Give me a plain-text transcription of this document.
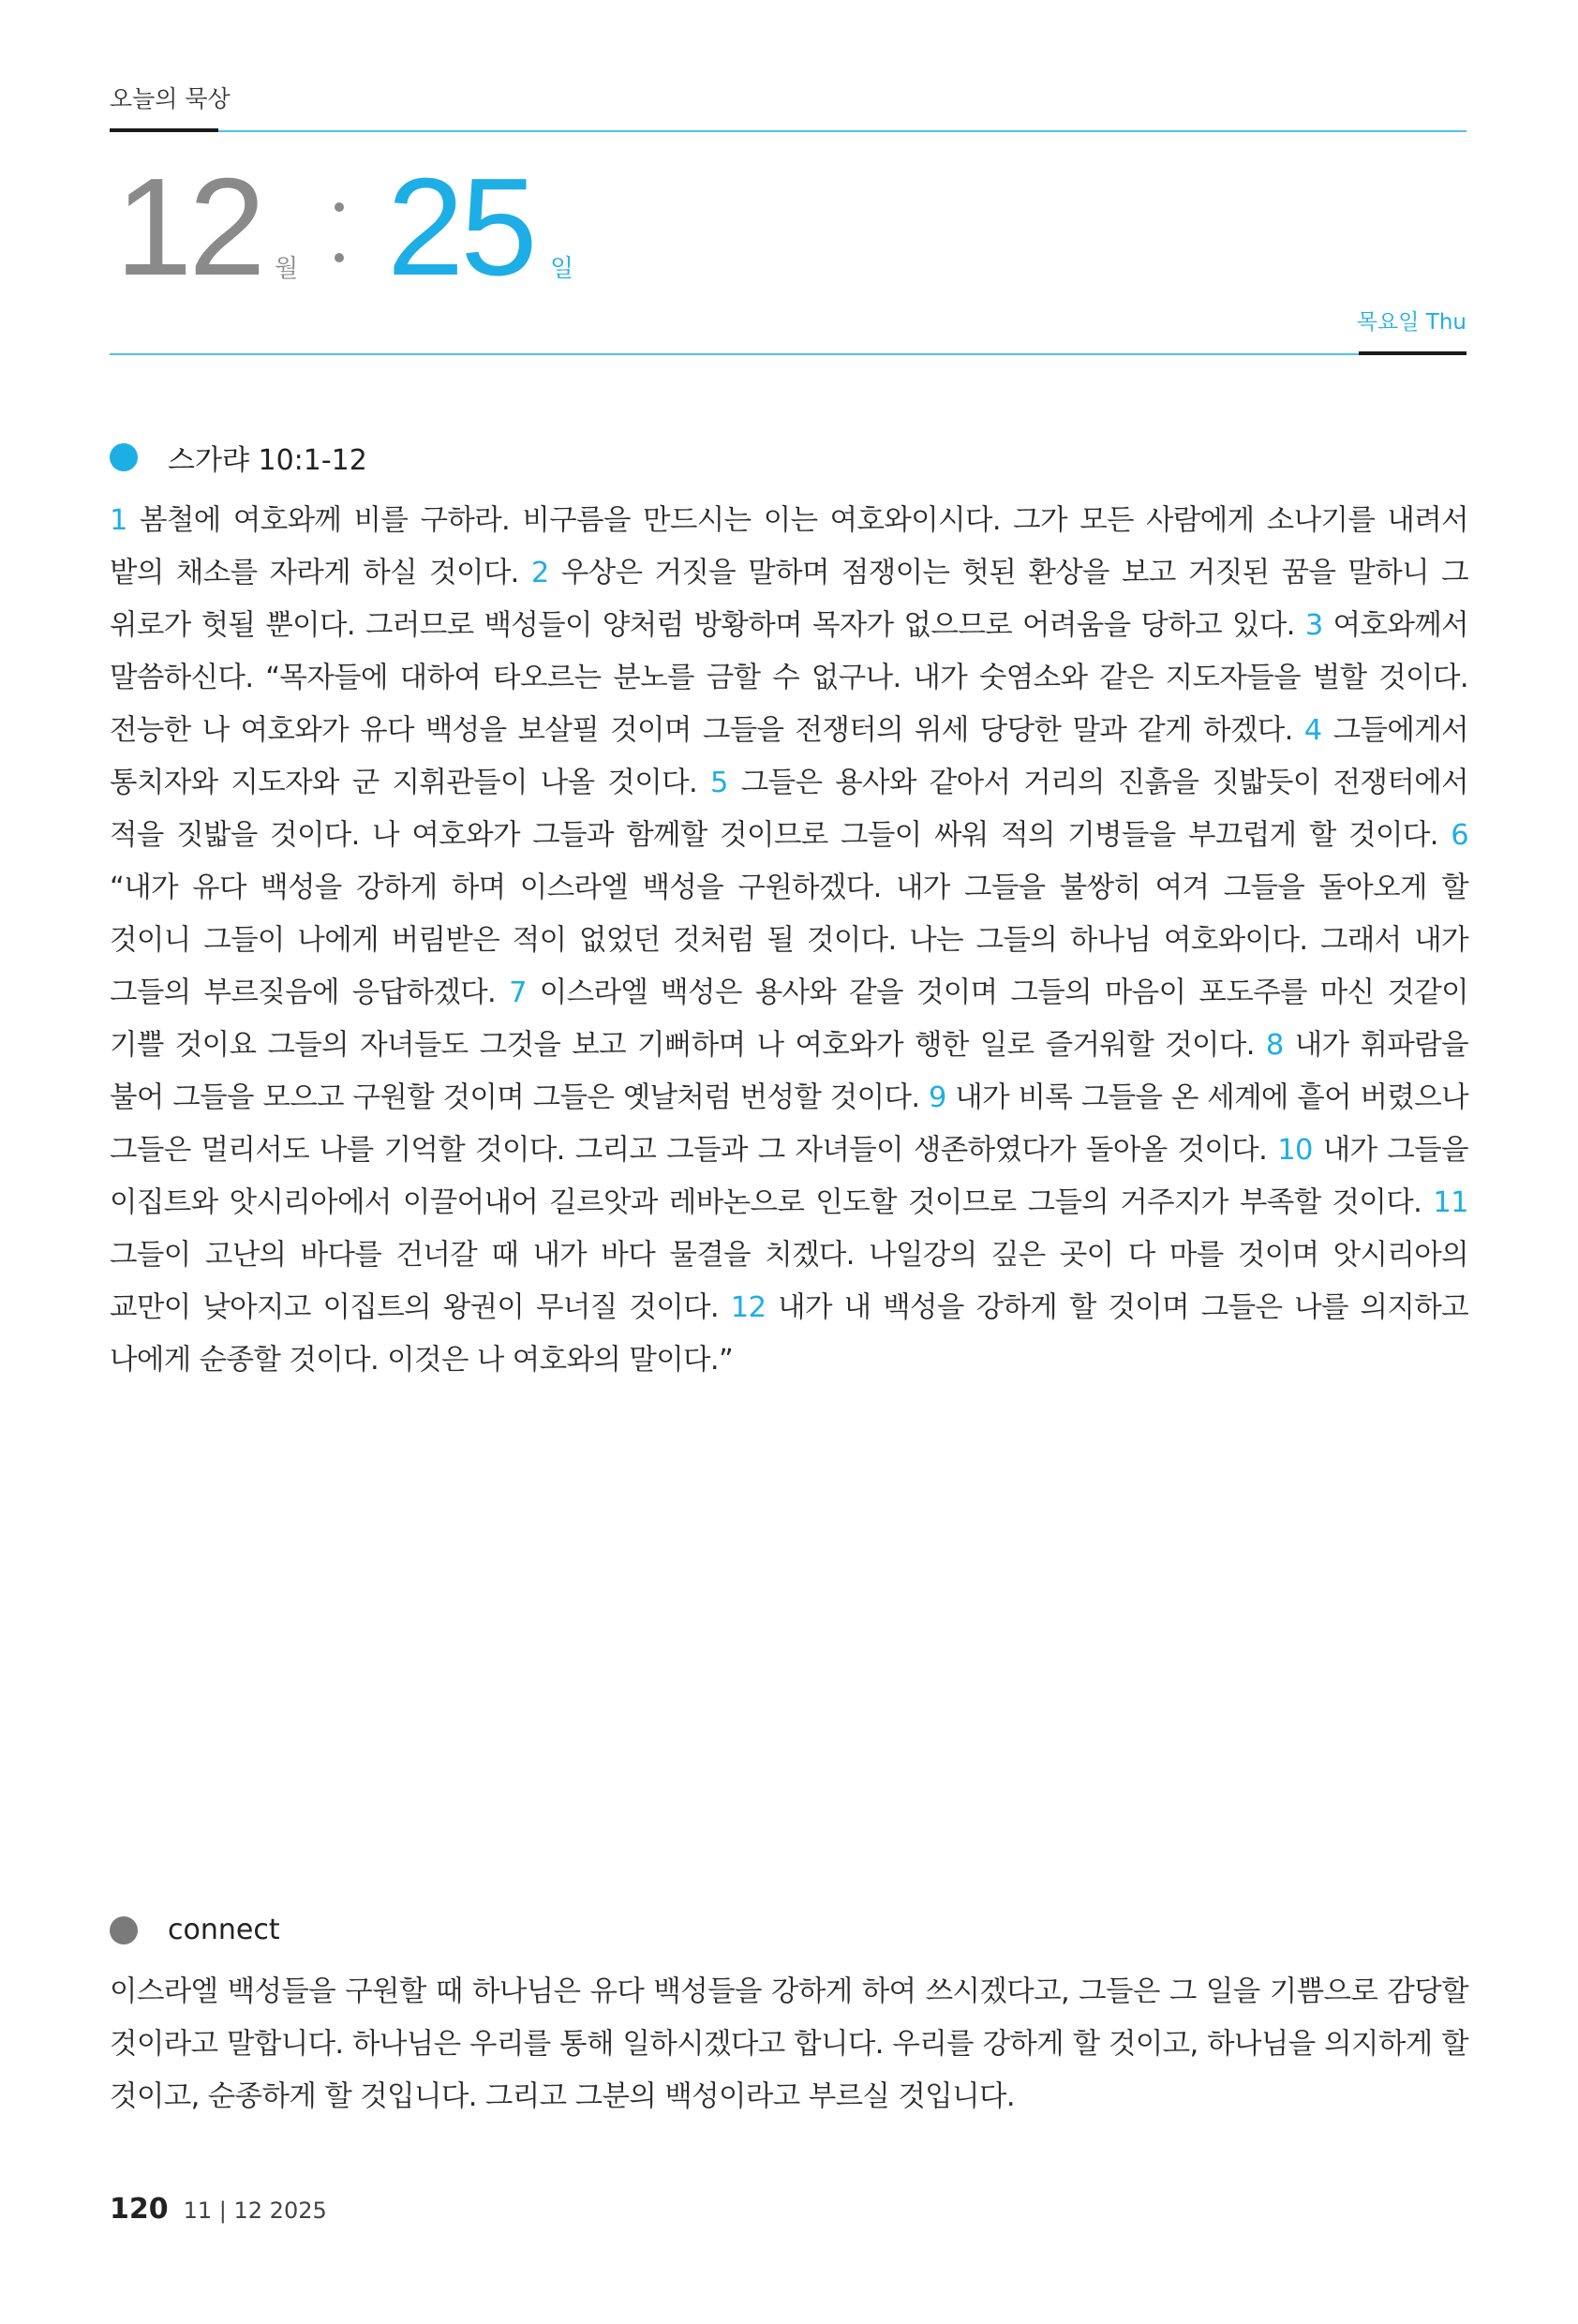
오늘의 묵상
12 월 25 일
목요일 Thu
스가랴 10:1-12
1 봄철에 여호와께 비를 구하라. 비구름을 만드시는 이는 여호와이시다. 그가 모든 사람에게 소나기를 내려서 밭의 채소를 자라게 하실 것이다. 2 우상은 거짓을 말하며 점쟁이는 헛된 환상을 보고 거짓된 꿈을 말하니 그 위로가 헛될 뿐이다. 그러므로 백성들이 양처럼 방황하며 목자가 없으므로 어려움을 당하고 있다. 3 여호와께서 말씀하신다. “목자들에 대하여 타오르는 분노를 금할 수 없구나. 내가 숫염소와 같은 지도자들을 벌할 것이다. 전능한 나 여호와가 유다 백성을 보살필 것이며 그들을 전쟁터의 위세 당당한 말과 같게 하겠다. 4 그들에게서 통치자와 지도자와 군 지휘관들이 나올 것이다. 5 그들은 용사와 같아서 거리의 진흙을 짓밟듯이 전쟁터에서 적을 짓밟을 것이다. 나 여호와가 그들과 함께할 것이므로 그들이 싸워 적의 기병들을 부끄럽게 할 것이다. 6 “내가 유다 백성을 강하게 하며 이스라엘 백성을 구원하겠다. 내가 그들을 불쌍히 여겨 그들을 돌아오게 할 것이니 그들이 나에게 버림받은 적이 없었던 것처럼 될 것이다. 나는 그들의 하나님 여호와이다. 그래서 내가 그들의 부르짖음에 응답하겠다. 7 이스라엘 백성은 용사와 같을 것이며 그들의 마음이 포도주를 마신 것같이 기쁠 것이요 그들의 자녀들도 그것을 보고 기뻐하며 나 여호와가 행한 일로 즐거워할 것이다. 8 내가 휘파람을 불어 그들을 모으고 구원할 것이며 그들은 옛날처럼 번성할 것이다. 9 내가 비록 그들을 온 세계에 흩어 버렸으나 그들은 멀리서도 나를 기억할 것이다. 그리고 그들과 그 자녀들이 생존하였다가 돌아올 것이다. 10 내가 그들을 이집트와 앗시리아에서 이끌어내어 길르앗과 레바논으로 인도할 것이므로 그들의 거주지가 부족할 것이다. 11 그들이 고난의 바다를 건너갈 때 내가 바다 물결을 치겠다. 나일강의 깊은 곳이 다 마를 것이며 앗시리아의 교만이 낮아지고 이집트의 왕권이 무너질 것이다. 12 내가 내 백성을 강하게 할 것이며 그들은 나를 의지하고 나에게 순종할 것이다. 이것은 나 여호와의 말이다.”
connect
이스라엘 백성들을 구원할 때 하나님은 유다 백성들을 강하게 하여 쓰시겠다고, 그들은 그 일을 기쁨으로 감당할 것이라고 말합니다. 하나님은 우리를 통해 일하시겠다고 합니다. 우리를 강하게 할 것이고, 하나님을 의지하게 할 것이고, 순종하게 할 것입니다. 그리고 그분의 백성이라고 부르실 것입니다.
120 11 | 12 2025
